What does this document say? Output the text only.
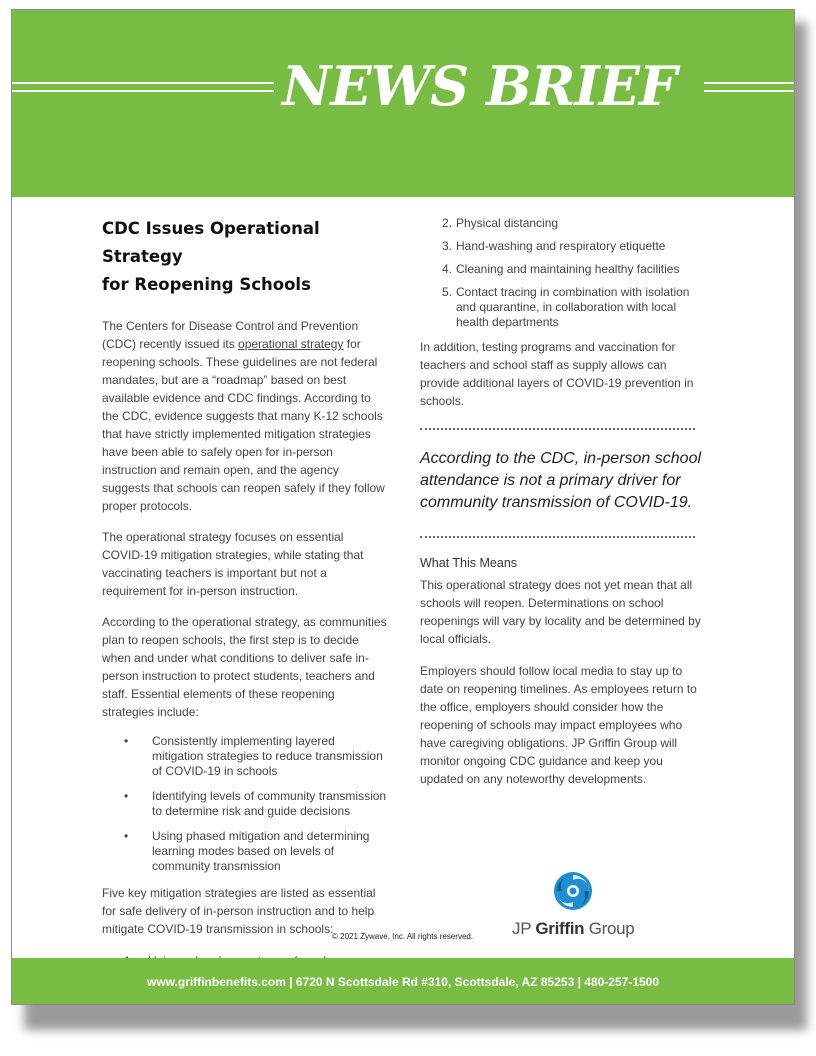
NEWS BRIEF
CDC Issues Operational Strategy
for Reopening Schools

The Centers for Disease Control and Prevention (CDC) recently issued its operational strategy for reopening schools. These guidelines are not federal mandates, but are a “roadmap” based on best available evidence and CDC findings. According to the CDC, evidence suggests that many K-12 schools that have strictly implemented mitigation strategies have been able to safely open for in-person instruction and remain open, and the agency suggests that schools can reopen safely if they follow proper protocols.

The operational strategy focuses on essential COVID-19 mitigation strategies, while stating that vaccinating teachers is important but not a requirement for in-person instruction.

According to the operational strategy, as communities plan to reopen schools, the first step is to decide when and under what conditions to deliver safe in-person instruction to protect students, teachers and staff. Essential elements of these reopening strategies include:

• Consistently implementing layered mitigation strategies to reduce transmission of COVID-19 in schools
• Identifying levels of community transmission to determine risk and guide decisions
• Using phased mitigation and determining learning modes based on levels of community transmission

Five key mitigation strategies are listed as essential for safe delivery of in-person instruction and to help mitigate COVID-19 transmission in schools:

2. Physical distancing
3. Hand-washing and respiratory etiquette
4. Cleaning and maintaining healthy facilities
5. Contact tracing in combination with isolation and quarantine, in collaboration with local health departments

In addition, testing programs and vaccination for teachers and school staff as supply allows can provide additional layers of COVID-19 prevention in schools.

According to the CDC, in-person school attendance is not a primary driver for community transmission of COVID-19.

What This Means

This operational strategy does not yet mean that all schools will reopen. Determinations on school reopenings will vary by locality and be determined by local officials.

Employers should follow local media to stay up to date on reopening timelines. As employees return to the office, employers should consider how the reopening of schools may impact employees who have caregiving obligations. JP Griffin Group will monitor ongoing CDC guidance and keep you updated on any noteworthy developments.

© 2021 Zywave, Inc. All rights reserved. JP Griffin Group
www.griffinbenefits.com | 6720 N Scottsdale Rd #310, Scottsdale, AZ 85253 | 480-257-1500
